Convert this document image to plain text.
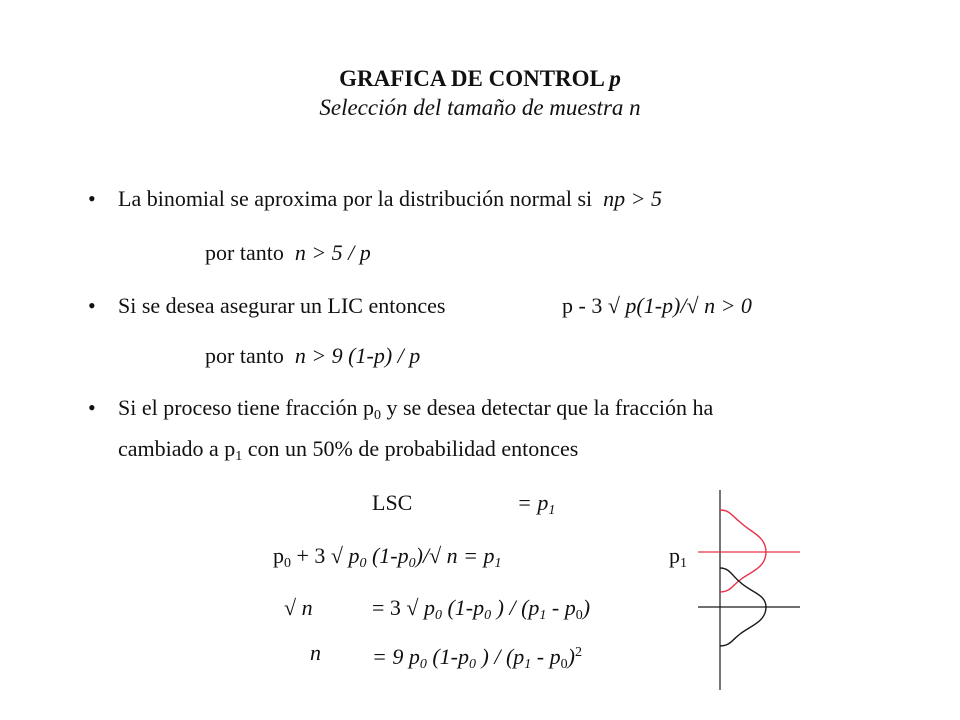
GRAFICA DE CONTROL p
Selección del tamaño de muestra n
• La binomial se aproxima por la distribución normal si np > 5
por tanto n > 5 / p
• Si se desea asegurar un LIC entonces	p - 3 √ p(1-p)/√ n > 0
por tanto n > 9 (1-p) / p
• Si el proceso tiene fracción $p_0$ y se desea detectar que la fracción ha
cambiado a $p_1$ con un 50% de probabilidad entonces
LSC	= $p_1$
$p_0 + 3$ √ $p_0$ $(1-p_0)/√$ $n = p_1$
√ n	= 3 √ $p_0$ ($1-p_0$ ) / $(p_1 - p_0)$
n = 9 $p_0$ ($1-p_0$ ) / $(p_1 - p_0)^2$
$p_1$
